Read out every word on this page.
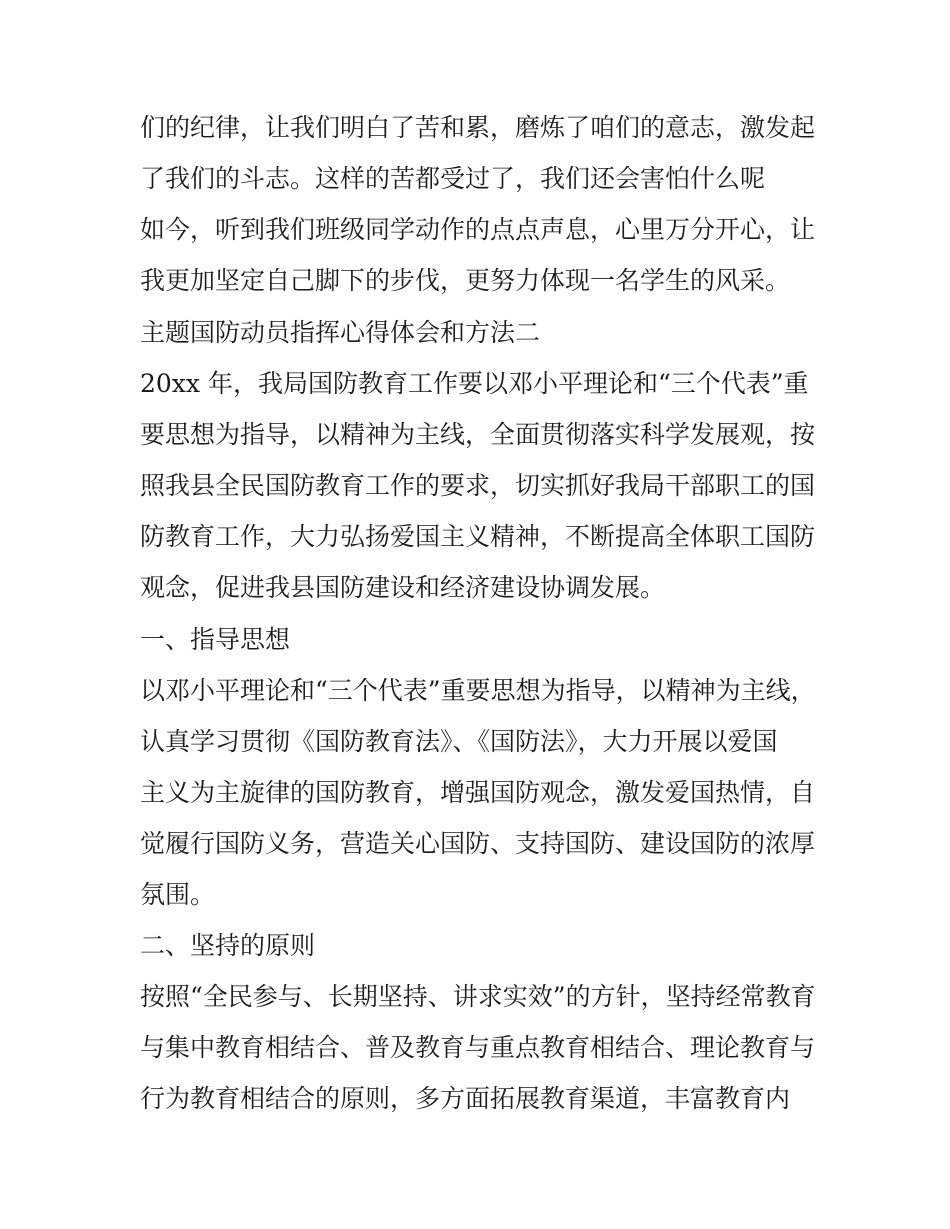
们的纪律，让我们明白了苦和累，磨炼了咱们的意志，激发起
了我们的斗志。这样的苦都受过了，我们还会害怕什么呢
如今，听到我们班级同学动作的点点声息，心里万分开心，让
我更加坚定自己脚下的步伐，更努力体现一名学生的风采。
主题国防动员指挥心得体会和方法二
20xx 年，我局国防教育工作要以邓小平理论和“三个代表”重
要思想为指导，以精神为主线，全面贯彻落实科学发展观，按
照我县全民国防教育工作的要求，切实抓好我局干部职工的国
防教育工作，大力弘扬爱国主义精神，不断提高全体职工国防
观念，促进我县国防建设和经济建设协调发展。
一、指导思想
以邓小平理论和“三个代表”重要思想为指导，以精神为主线，
认真学习贯彻《国防教育法》、《国防法》，大力开展以爱国
主义为主旋律的国防教育，增强国防观念，激发爱国热情，自
觉履行国防义务，营造关心国防、支持国防、建设国防的浓厚
氛围。
二、坚持的原则
按照“全民参与、长期坚持、讲求实效”的方针，坚持经常教育
与集中教育相结合、普及教育与重点教育相结合、理论教育与
行为教育相结合的原则，多方面拓展教育渠道，丰富教育内
